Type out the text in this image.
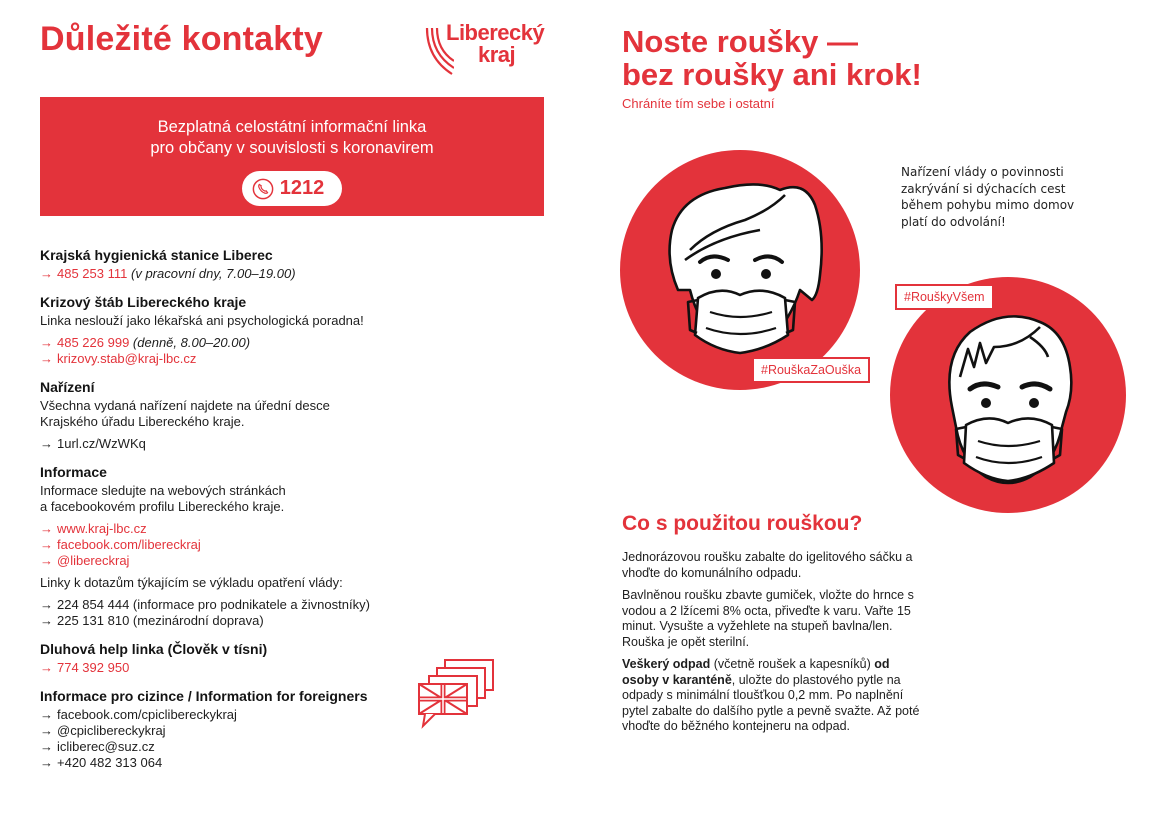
Důležité kontakty	Liberecký
kraj
Bezplatná celostátní informační linka
pro občany v souvislosti s koronavirem
1212
Krajská hygienická stanice Liberec
→ 485 253 111 (v pracovní dny, 7.00–19.00)
Krizový štáb Libereckého kraje
Linka neslouží jako lékařská ani psychologická poradna!
→ 485 226 999 (denně, 8.00–20.00)
→ krizovy.stab@kraj-lbc.cz
Nařízení
Všechna vydaná nařízení najdete na úřední desce
Krajského úřadu Libereckého kraje.
→ 1url.cz/WzWKq
Informace
Informace sledujte na webových stránkách
a facebookovém profilu Libereckého kraje.
→ www.kraj-lbc.cz
→ facebook.com/libereckraj
→ @libereckraj
Linky k dotazům týkajícím se výkladu opatření vlády:
→ 224 854 444 (informace pro podnikatele a živnostníky)
→ 225 131 810 (mezinárodní doprava)
Dluhová help linka (Člověk v tísni)
→ 774 392 950
Informace pro cizince / Information for foreigners
→ facebook.com/cpiclibereckykraj
→ @cpiclibereckykraj
→ icliberec@suz.cz
→ +420 482 313 064
Noste roušky —
bez roušky ani krok!
Chráníte tím sebe i ostatní
Nařízení vlády o povinnosti zakrývání si dýchacích cest během pohybu mimo domov platí do odvolání!
#RouškaZaOuška
#RouškyVšem
Co s použitou rouškou?

Jednorázovou roušku zabalte do igelitového sáčku a vhoďte do komunálního odpadu.

Bavlněnou roušku zbavte gumiček, vložte do hrnce s vodou a 2 lžícemi 8% octa, přiveďte k varu. Vařte 15 minut. Vysušte a vyžehlete na stupeň bavlna/len. Rouška je opět sterilní.

Veškerý odpad (včetně roušek a kapesníků) od osoby v karanténě, uložte do plastového pytle na odpady s minimální tloušťkou 0,2 mm. Po naplnění pytel zabalte do dalšího pytle a pevně svažte. Až poté vhoďte do běžného kontejneru na odpad.
